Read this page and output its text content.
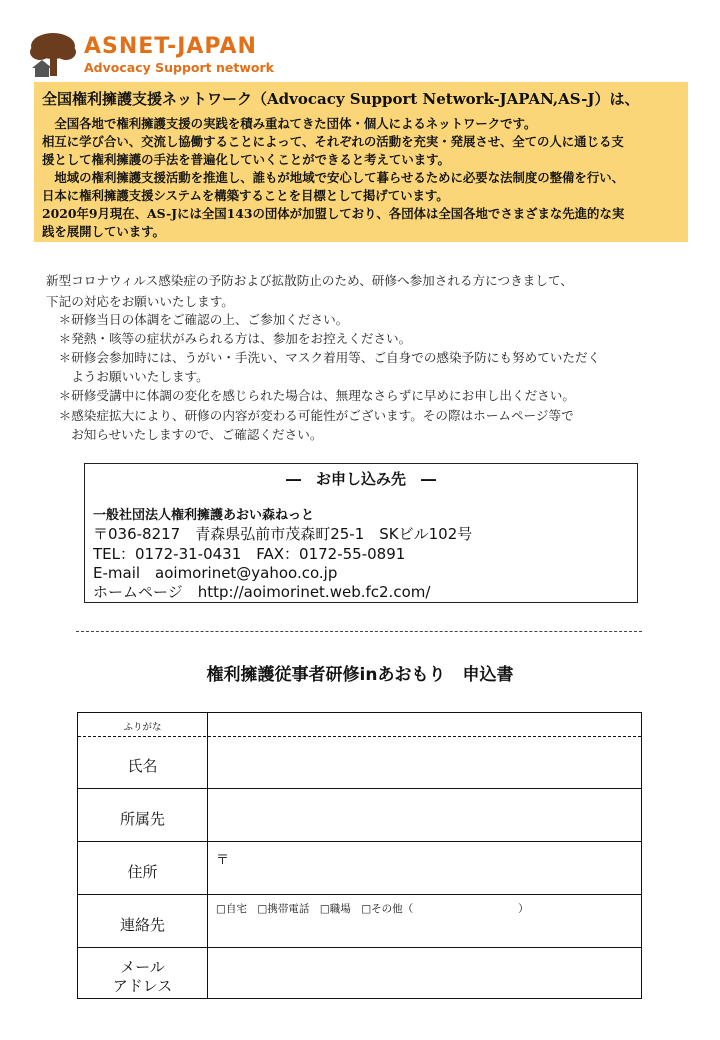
ASNET-JAPAN
Advocacy Support network

全国権利擁護支援ネットワーク（Advocacy Support Network-JAPAN,AS-J）は、

　全国各地で権利擁護支援の実践を積み重ねてきた団体・個人によるネットワークです。

相互に学び合い、交流し協働することによって、それぞれの活動を充実・発展させ、全ての人に通じる支

援として権利擁護の手法を普遍化していくことができると考えています。

　地域の権利擁護支援活動を推進し、誰もが地域で安心して暮らせるために必要な法制度の整備を行い、

日本に権利擁護支援システムを構築することを目標として掲げています。

2020年9月現在、AS-Jには全国143の団体が加盟しており、各団体は全国各地でさまざまな先進的な実

践を展開しています。

新型コロナウィルス感染症の予防および拡散防止のため、研修へ参加される方につきまして、
下記の対応をお願いいたします。
　＊研修当日の体調をご確認の上、ご参加ください。
　＊発熱・咳等の症状がみられる方は、参加をお控えください。
　＊研修会参加時には、うがい・手洗い、マスク着用等、ご自身での感染予防にも努めていただく
　　ようお願いいたします。
　＊研修受講中に体調の変化を感じられた場合は、無理なさらずに早めにお申し出ください。
　＊感染症拡大により、研修の内容が変わる可能性がございます。その際はホームページ等で
　　お知らせいたしますので、ご確認ください。
―　お申し込み先　―
一般社団法人権利擁護あおい森ねっと
〒036-8217　青森県弘前市茂森町25-1　SKビル102号
TEL：0172-31-0431　FAX：0172-55-0891
E-mail　aoimorinet@yahoo.co.jp
ホームページ　http://aoimorinet.web.fc2.com/
権利擁護従事者研修inあおもり　申込書
ふりがな
氏名
所属先
住所
連絡先
メール
アドレス
〒
□自宅　□携帯電話　□職場　□その他（　　　　　　　　　　）
